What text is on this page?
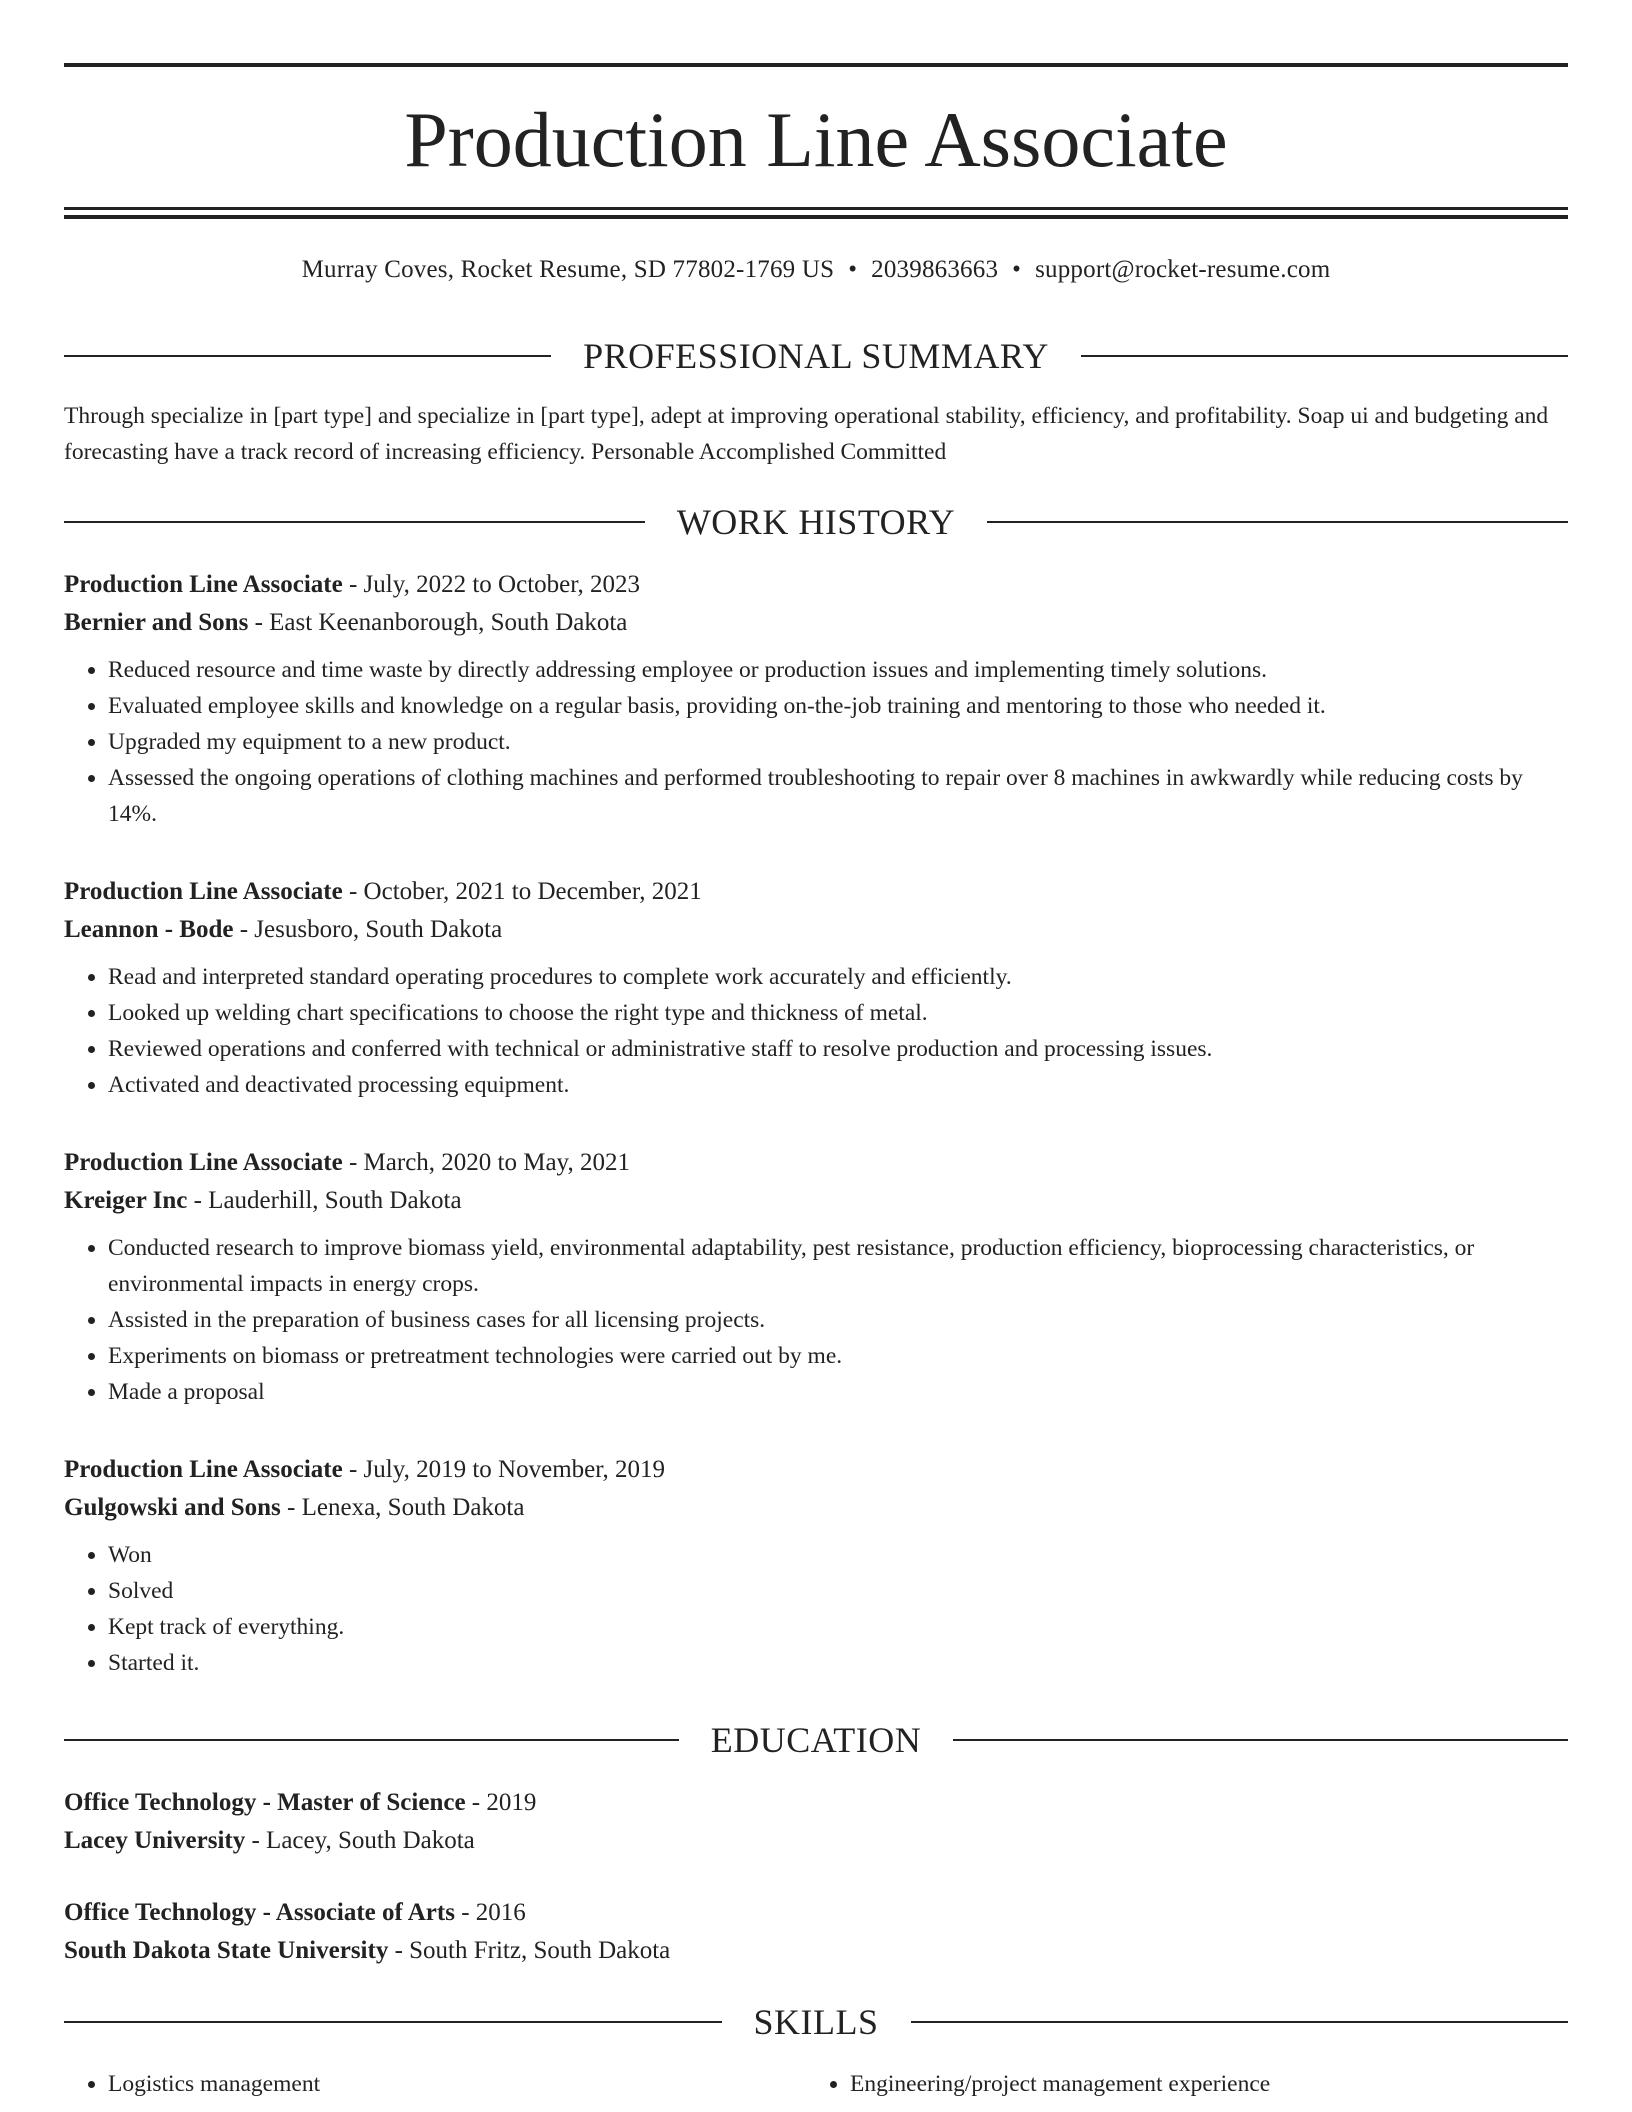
Production Line Associate
Murray Coves, Rocket Resume, SD 77802-1769 US • 2039863663 • support@rocket-resume.com
PROFESSIONAL SUMMARY
Through specialize in [part type] and specialize in [part type], adept at improving operational stability, efficiency, and profitability. Soap ui and budgeting and forecasting have a track record of increasing efficiency. Personable Accomplished Committed
WORK HISTORY
Production Line Associate - July, 2022 to October, 2023
Bernier and Sons - East Keenanborough, South Dakota
• Reduced resource and time waste by directly addressing employee or production issues and implementing timely solutions.
• Evaluated employee skills and knowledge on a regular basis, providing on-the-job training and mentoring to those who needed it.
• Upgraded my equipment to a new product.
• Assessed the ongoing operations of clothing machines and performed troubleshooting to repair over 8 machines in awkwardly while reducing costs by 14%.
Production Line Associate - October, 2021 to December, 2021
Leannon - Bode - Jesusboro, South Dakota
• Read and interpreted standard operating procedures to complete work accurately and efficiently.
• Looked up welding chart specifications to choose the right type and thickness of metal.
• Reviewed operations and conferred with technical or administrative staff to resolve production and processing issues.
• Activated and deactivated processing equipment.
Production Line Associate - March, 2020 to May, 2021
Kreiger Inc - Lauderhill, South Dakota
• Conducted research to improve biomass yield, environmental adaptability, pest resistance, production efficiency, bioprocessing characteristics, or environmental impacts in energy crops.
• Assisted in the preparation of business cases for all licensing projects.
• Experiments on biomass or pretreatment technologies were carried out by me.
• Made a proposal
Production Line Associate - July, 2019 to November, 2019
Gulgowski and Sons - Lenexa, South Dakota
• Won
• Solved
• Kept track of everything.
• Started it.
EDUCATION
Office Technology - Master of Science - 2019
Lacey University - Lacey, South Dakota
Office Technology - Associate of Arts - 2016
South Dakota State University - South Fritz, South Dakota
SKILLS
• Logistics management
•	Engineering/project management experience
